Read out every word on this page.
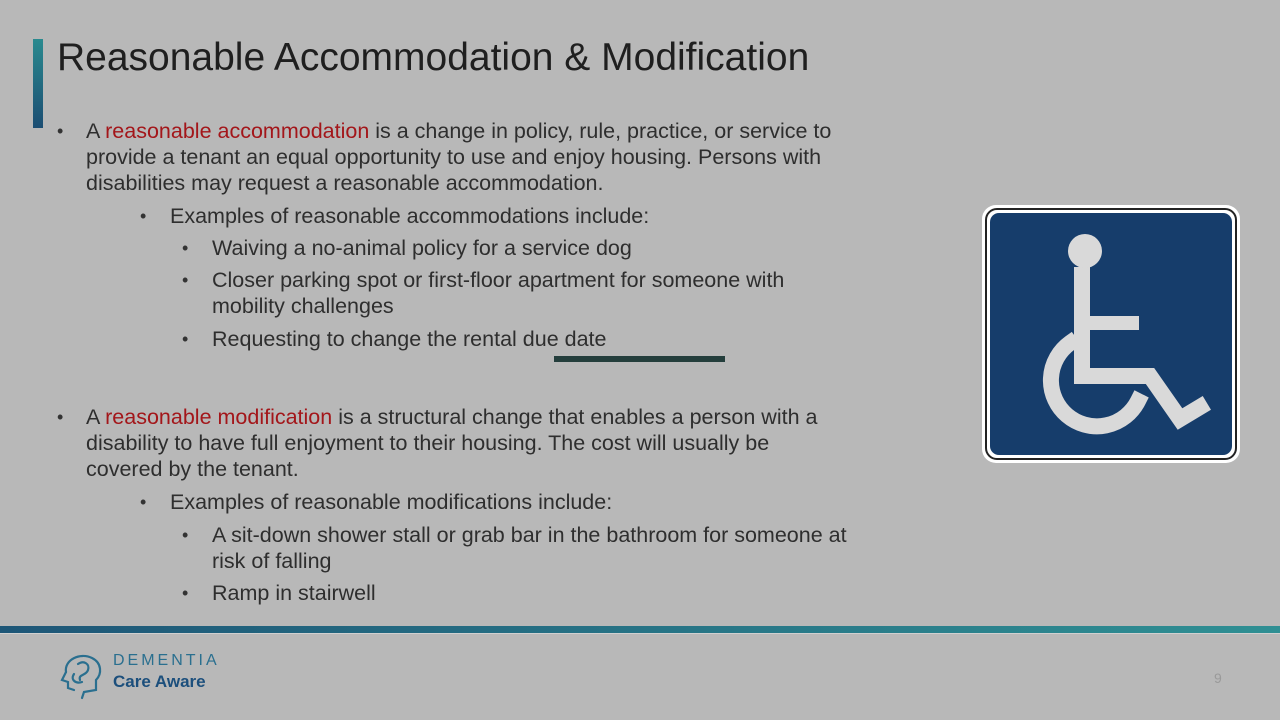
Reasonable Accommodation & Modification
• A reasonable accommodation is a change in policy, rule, practice, or service to
provide a tenant an equal opportunity to use and enjoy housing. Persons with
disabilities may request a reasonable accommodation.
• Examples of reasonable accommodations include:
• Waiving a no-animal policy for a service dog
• Closer parking spot or first-floor apartment for someone with
mobility challenges
• Requesting to change the rental due date
• A reasonable modification is a structural change that enables a person with a
disability to have full enjoyment to their housing. The cost will usually be
covered by the tenant.
• Examples of reasonable modifications include:
• A sit-down shower stall or grab bar in the bathroom for someone at
risk of falling
• Ramp in stairwell
DEMENTIA
Care Aware	9
